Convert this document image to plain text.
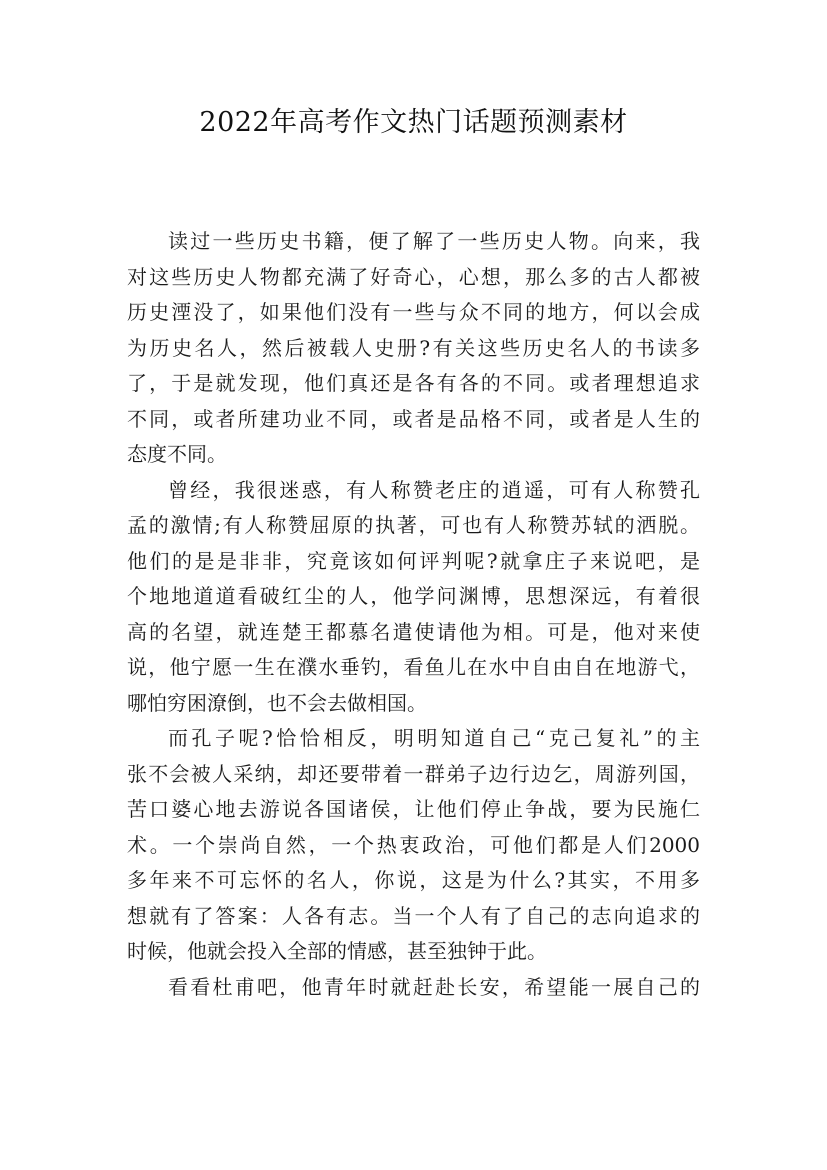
2022年高考作文热门话题预测素材
读过一些历史书籍，便了解了一些历史人物。向来，我
对这些历史人物都充满了好奇心，心想，那么多的古人都被
历史湮没了，如果他们没有一些与众不同的地方，何以会成
为历史名人，然后被载人史册?有关这些历史名人的书读多
了，于是就发现，他们真还是各有各的不同。或者理想追求
不同，或者所建功业不同，或者是品格不同，或者是人生的
态度不同。
曾经，我很迷惑，有人称赞老庄的逍遥，可有人称赞孔
孟的激情;有人称赞屈原的执著，可也有人称赞苏轼的洒脱。
他们的是是非非，究竟该如何评判呢?就拿庄子来说吧，是
个地地道道看破红尘的人，他学问渊博，思想深远，有着很
高的名望，就连楚王都慕名遣使请他为相。可是，他对来使
说，他宁愿一生在濮水垂钓，看鱼儿在水中自由自在地游弋，
哪怕穷困潦倒，也不会去做相国。
而孔子呢?恰恰相反，明明知道自己“克己复礼”的主
张不会被人采纳，却还要带着一群弟子边行边乞，周游列国，
苦口婆心地去游说各国诸侯，让他们停止争战，要为民施仁
术。一个崇尚自然，一个热衷政治，可他们都是人们2000
多年来不可忘怀的名人，你说，这是为什么?其实，不用多
想就有了答案：人各有志。当一个人有了自己的志向追求的
时候，他就会投入全部的情感，甚至独钟于此。
看看杜甫吧，他青年时就赶赴长安，希望能一展自己的
